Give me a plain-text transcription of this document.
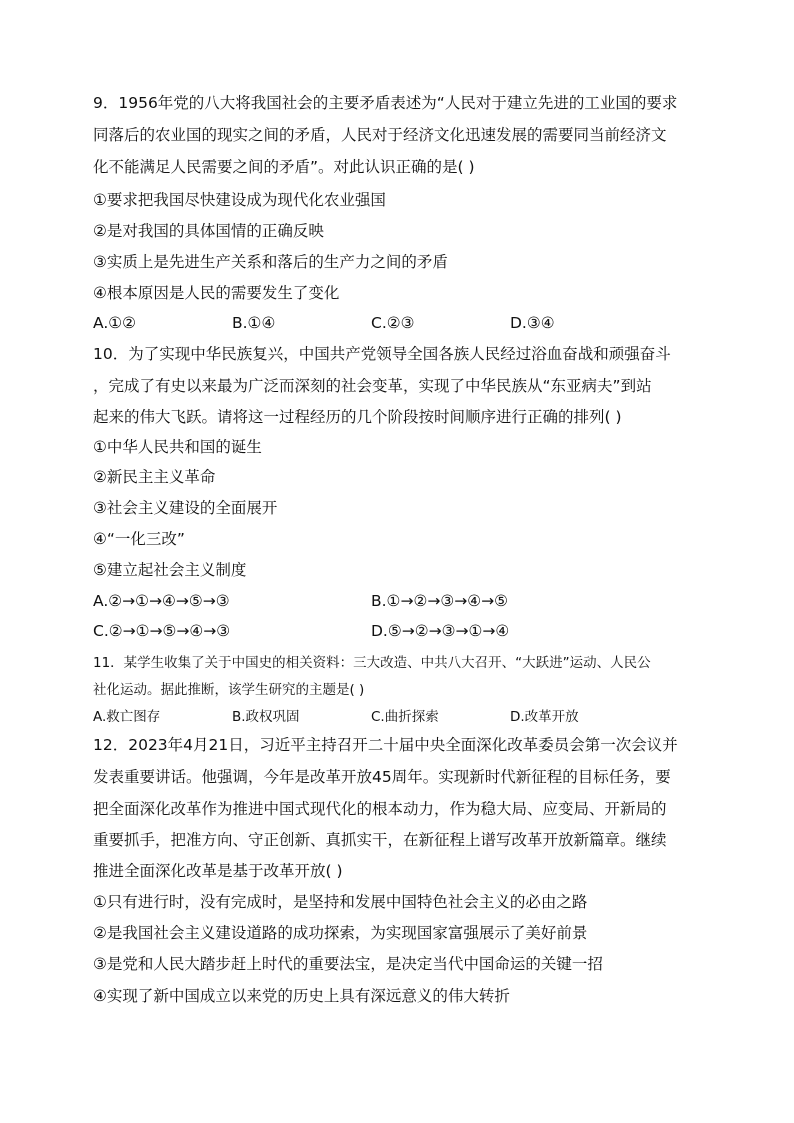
9．1956年党的八大将我国社会的主要矛盾表述为“人民对于建立先进的工业国的要求
同落后的农业国的现实之间的矛盾，人民对于经济文化迅速发展的需要同当前经济文
化不能满足人民需要之间的矛盾”。对此认识正确的是( )
①要求把我国尽快建设成为现代化农业强国
②是对我国的具体国情的正确反映
③实质上是先进生产关系和落后的生产力之间的矛盾
④根本原因是人民的需要发生了变化
A.①②	B.①④	C.②③	D.③④
10．为了实现中华民族复兴，中国共产党领导全国各族人民经过浴血奋战和顽强奋斗
，完成了有史以来最为广泛而深刻的社会变革，实现了中华民族从“东亚病夫”到站
起来的伟大飞跃。请将这一过程经历的几个阶段按时间顺序进行正确的排列( )
①中华人民共和国的诞生
②新民主主义革命
③社会主义建设的全面展开
④“一化三改”
⑤建立起社会主义制度
A.②→①→④→⑤→③	B.①→②→③→④→⑤
C.②→①→⑤→④→③	D.⑤→②→③→①→④
11．某学生收集了关于中国史的相关资料：三大改造、中共八大召开、“大跃进”运动、人民公
社化运动。据此推断，该学生研究的主题是( )
A.救亡图存	B.政权巩固	C.曲折探索	D.改革开放
12．2023年4月21日，习近平主持召开二十届中央全面深化改革委员会第一次会议并
发表重要讲话。他强调，今年是改革开放45周年。实现新时代新征程的目标任务，要
把全面深化改革作为推进中国式现代化的根本动力，作为稳大局、应变局、开新局的
重要抓手，把准方向、守正创新、真抓实干，在新征程上谱写改革开放新篇章。继续
推进全面深化改革是基于改革开放( )
①只有进行时，没有完成时，是坚持和发展中国特色社会主义的必由之路
②是我国社会主义建设道路的成功探索，为实现国家富强展示了美好前景
③是党和人民大踏步赶上时代的重要法宝，是决定当代中国命运的关键一招
④实现了新中国成立以来党的历史上具有深远意义的伟大转折
